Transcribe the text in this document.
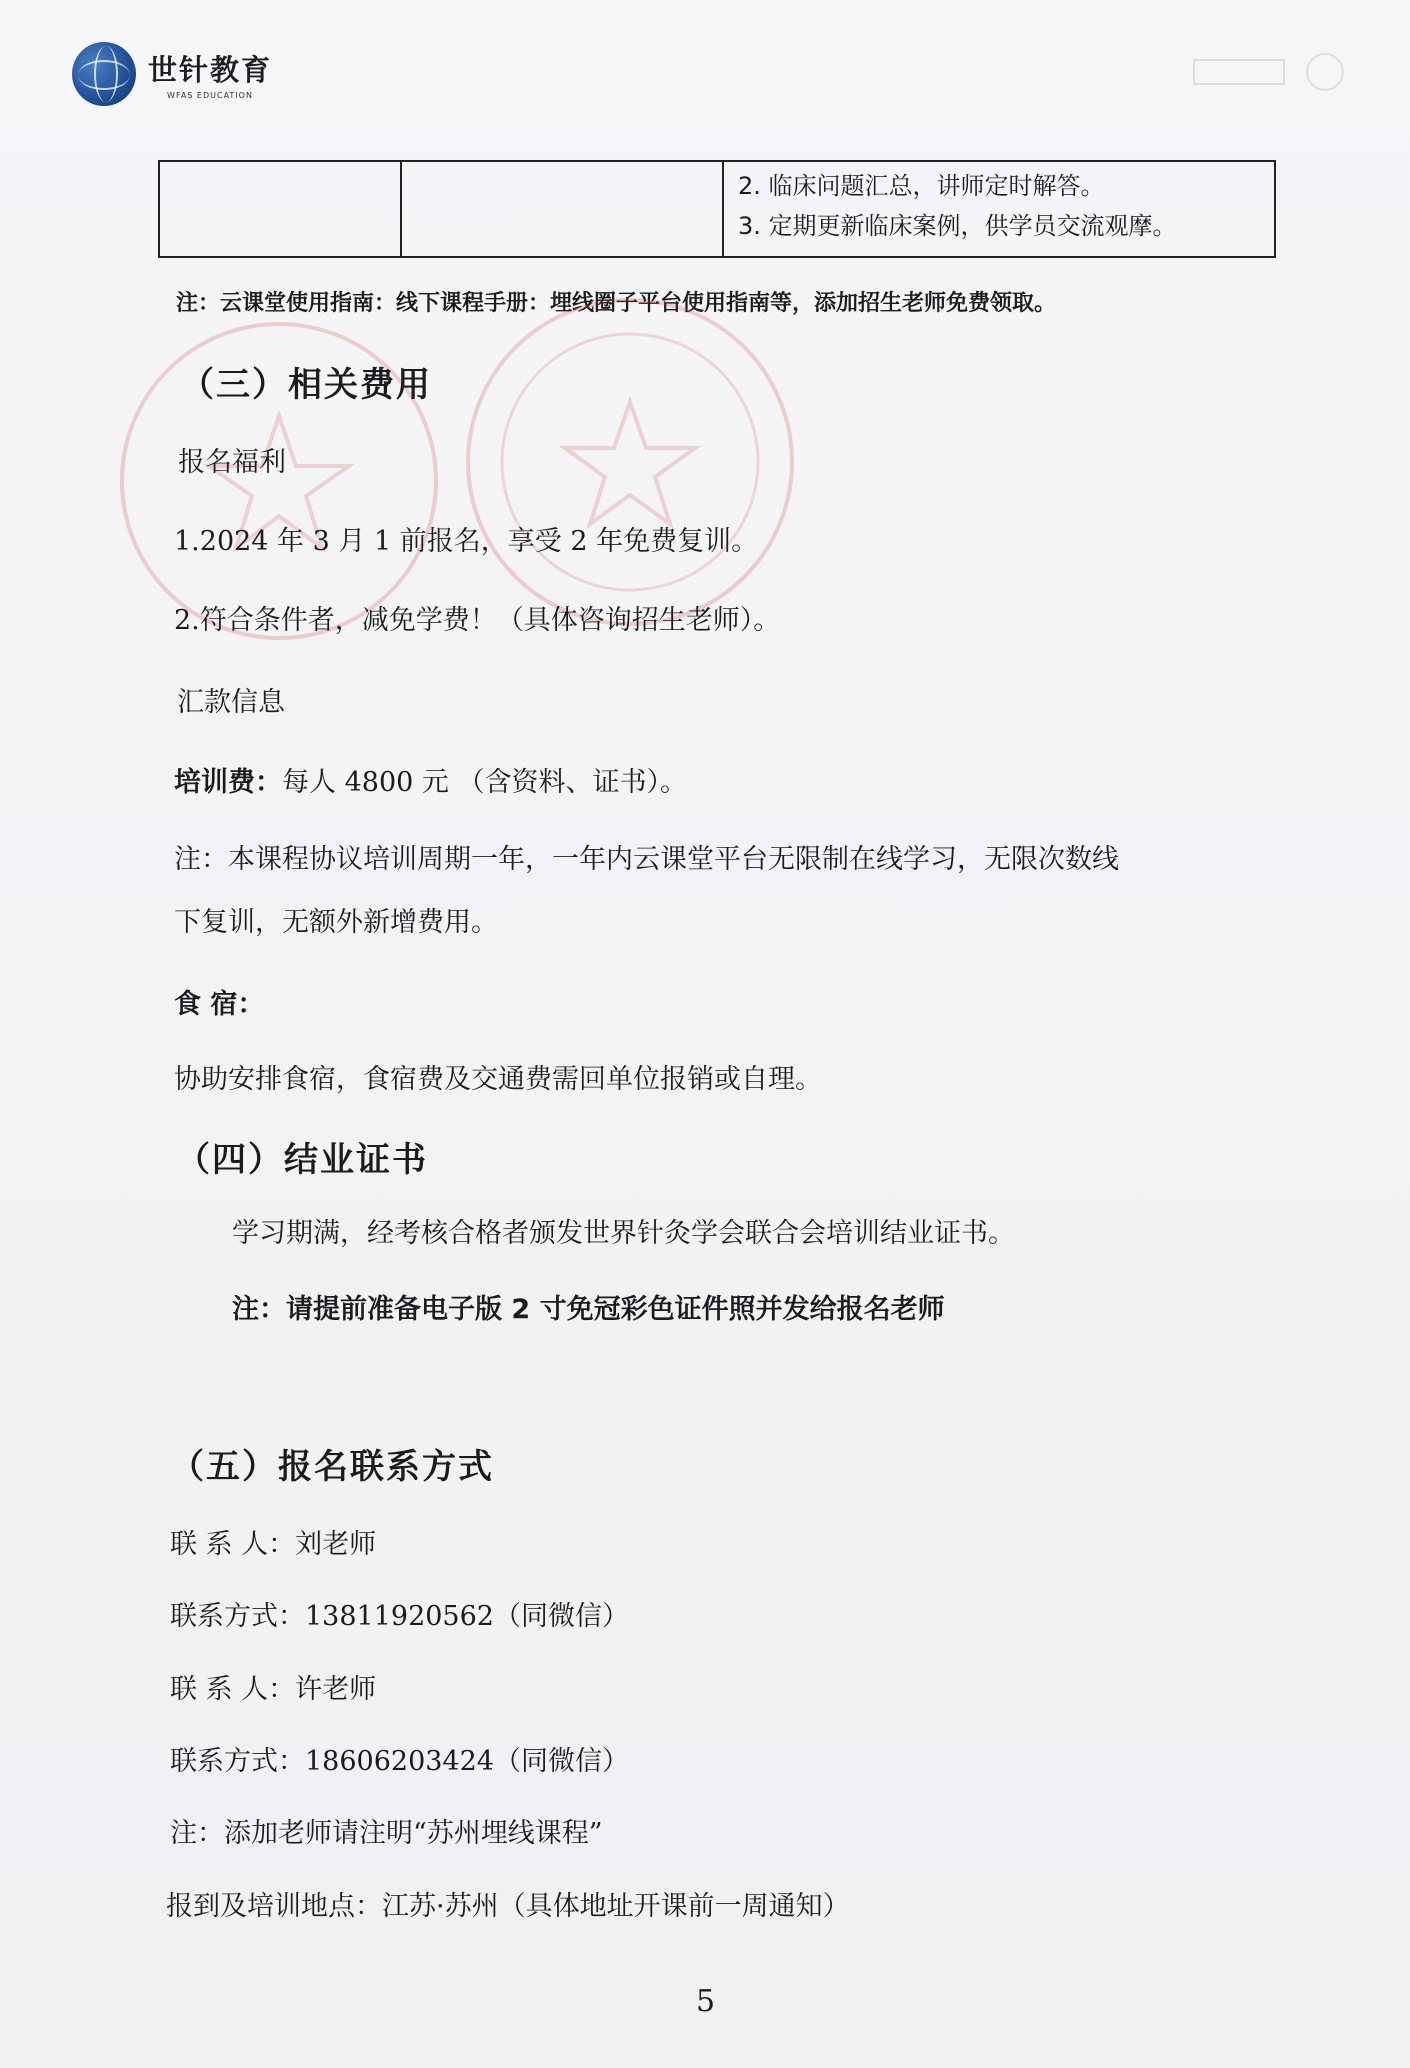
世针教育
WFAS EDUCATION

2. 临床问题汇总，讲师定时解答。
3. 定期更新临床案例，供学员交流观摩。
注：云课堂使用指南：线下课程手册：埋线圈子平台使用指南等，添加招生老师免费领取。
（三）相关费用
报名福利
1.2024 年 3 月 1 前报名，享受 2 年免费复训。
2.符合条件者，减免学费！（具体咨询招生老师）。
汇款信息
培训费：每人 4800 元 （含资料、证书）。
注：本课程协议培训周期一年，一年内云课堂平台无限制在线学习，无限次数线
下复训，无额外新增费用。
食 宿：
协助安排食宿，食宿费及交通费需回单位报销或自理。
（四）结业证书
学习期满，经考核合格者颁发世界针灸学会联合会培训结业证书。
注：请提前准备电子版 2 寸免冠彩色证件照并发给报名老师
（五）报名联系方式
联 系 人：刘老师
联系方式：13811920562（同微信）
联 系 人：许老师
联系方式：18606203424（同微信）
注：添加老师请注明“苏州埋线课程”
报到及培训地点：江苏·苏州（具体地址开课前一周通知）
5
